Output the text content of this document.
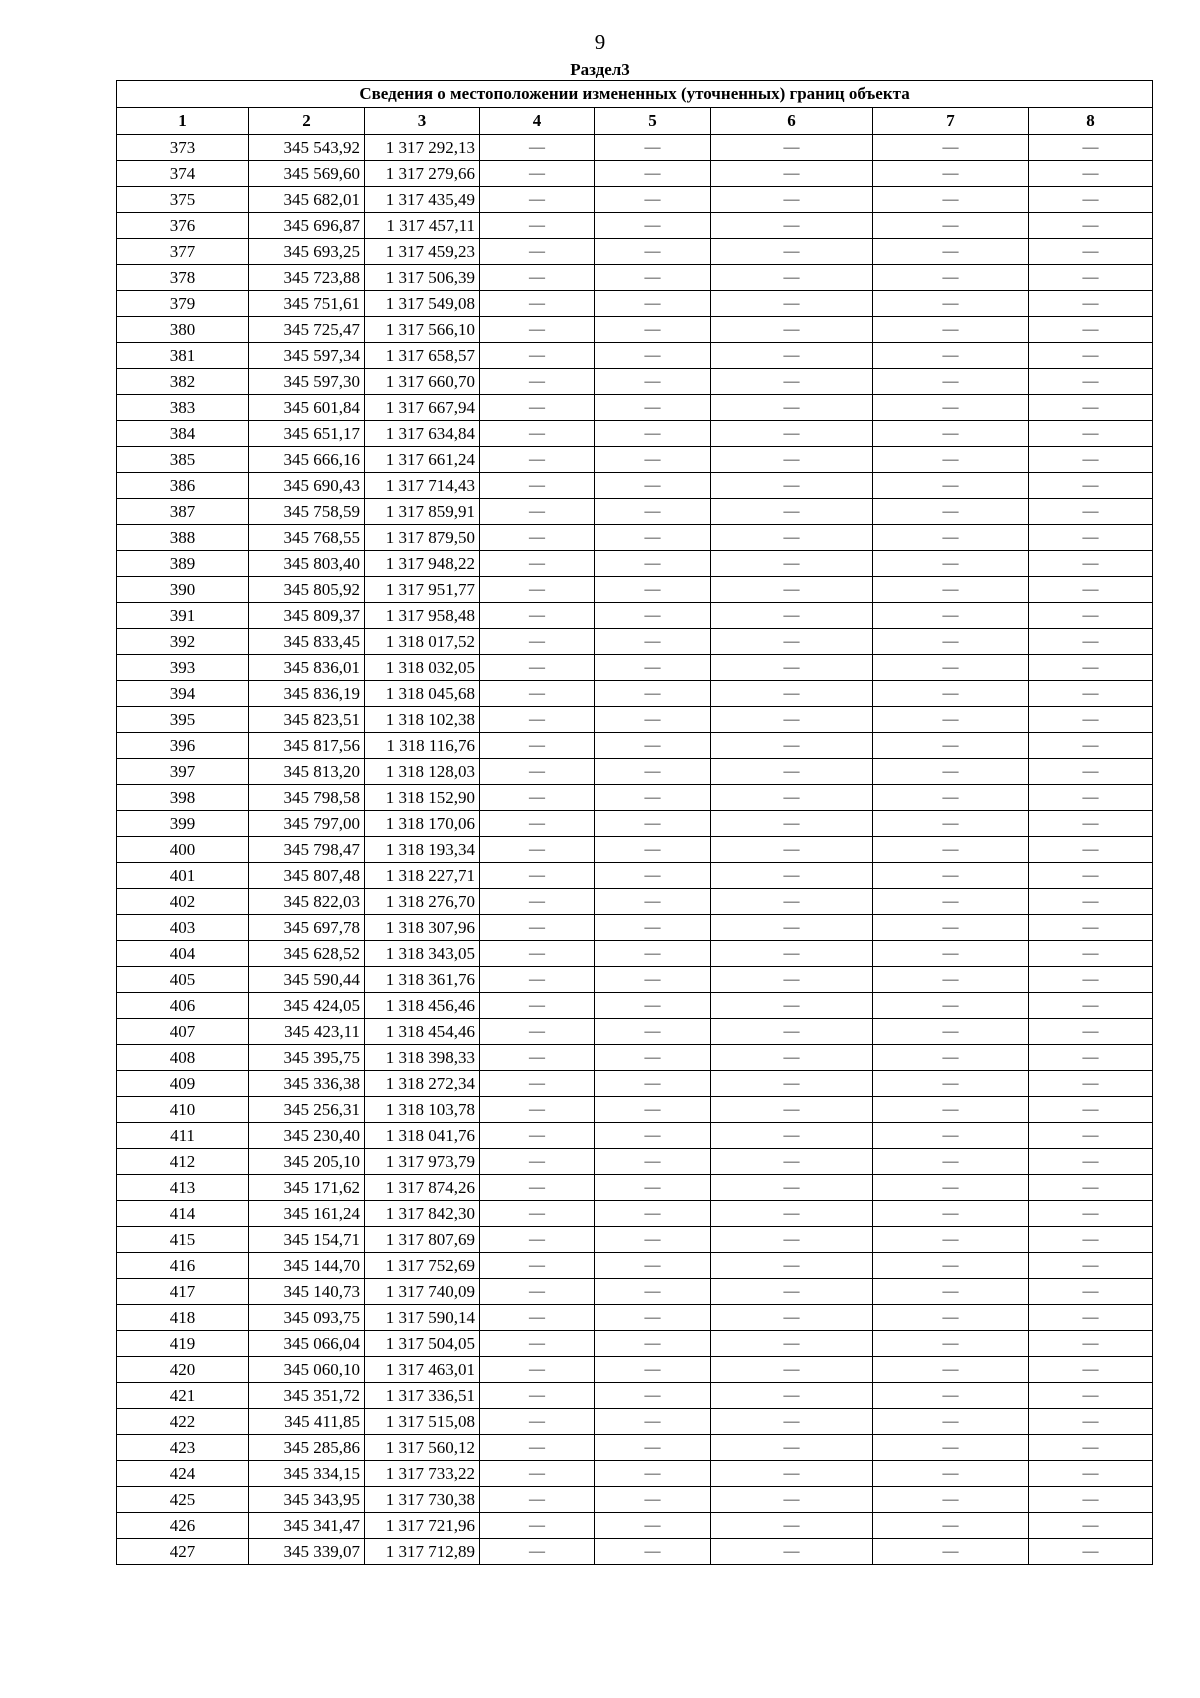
9
Раздел3
Сведения о местоположении измененных (уточненных) границ объекта							
1	2	3	4	5	6	7	8
373	345 543,92	1 317 292,13	—	—	—	—	—
374	345 569,60	1 317 279,66	—	—	—	—	—
375	345 682,01	1 317 435,49	—	—	—	—	—
376	345 696,87	1 317 457,11	—	—	—	—	—
377	345 693,25	1 317 459,23	—	—	—	—	—
378	345 723,88	1 317 506,39	—	—	—	—	—
379	345 751,61	1 317 549,08	—	—	—	—	—
380	345 725,47	1 317 566,10	—	—	—	—	—
381	345 597,34	1 317 658,57	—	—	—	—	—
382	345 597,30	1 317 660,70	—	—	—	—	—
383	345 601,84	1 317 667,94	—	—	—	—	—
384	345 651,17	1 317 634,84	—	—	—	—	—
385	345 666,16	1 317 661,24	—	—	—	—	—
386	345 690,43	1 317 714,43	—	—	—	—	—
387	345 758,59	1 317 859,91	—	—	—	—	—
388	345 768,55	1 317 879,50	—	—	—	—	—
389	345 803,40	1 317 948,22	—	—	—	—	—
390	345 805,92	1 317 951,77	—	—	—	—	—
391	345 809,37	1 317 958,48	—	—	—	—	—
392	345 833,45	1 318 017,52	—	—	—	—	—
393	345 836,01	1 318 032,05	—	—	—	—	—
394	345 836,19	1 318 045,68	—	—	—	—	—
395	345 823,51	1 318 102,38	—	—	—	—	—
396	345 817,56	1 318 116,76	—	—	—	—	—
397	345 813,20	1 318 128,03	—	—	—	—	—
398	345 798,58	1 318 152,90	—	—	—	—	—
399	345 797,00	1 318 170,06	—	—	—	—	—
400	345 798,47	1 318 193,34	—	—	—	—	—
401	345 807,48	1 318 227,71	—	—	—	—	—
402	345 822,03	1 318 276,70	—	—	—	—	—
403	345 697,78	1 318 307,96	—	—	—	—	—
404	345 628,52	1 318 343,05	—	—	—	—	—
405	345 590,44	1 318 361,76	—	—	—	—	—
406	345 424,05	1 318 456,46	—	—	—	—	—
407	345 423,11	1 318 454,46	—	—	—	—	—
408	345 395,75	1 318 398,33	—	—	—	—	—
409	345 336,38	1 318 272,34	—	—	—	—	—
410	345 256,31	1 318 103,78	—	—	—	—	—
411	345 230,40	1 318 041,76	—	—	—	—	—
412	345 205,10	1 317 973,79	—	—	—	—	—
413	345 171,62	1 317 874,26	—	—	—	—	—
414	345 161,24	1 317 842,30	—	—	—	—	—
415	345 154,71	1 317 807,69	—	—	—	—	—
416	345 144,70	1 317 752,69	—	—	—	—	—
417	345 140,73	1 317 740,09	—	—	—	—	—
418	345 093,75	1 317 590,14	—	—	—	—	—
419	345 066,04	1 317 504,05	—	—	—	—	—
420	345 060,10	1 317 463,01	—	—	—	—	—
421	345 351,72	1 317 336,51	—	—	—	—	—
422	345 411,85	1 317 515,08	—	—	—	—	—
423	345 285,86	1 317 560,12	—	—	—	—	—
424	345 334,15	1 317 733,22	—	—	—	—	—
425	345 343,95	1 317 730,38	—	—	—	—	—
426	345 341,47	1 317 721,96	—	—	—	—	—
427	345 339,07	1 317 712,89	—	—	—	—	—
